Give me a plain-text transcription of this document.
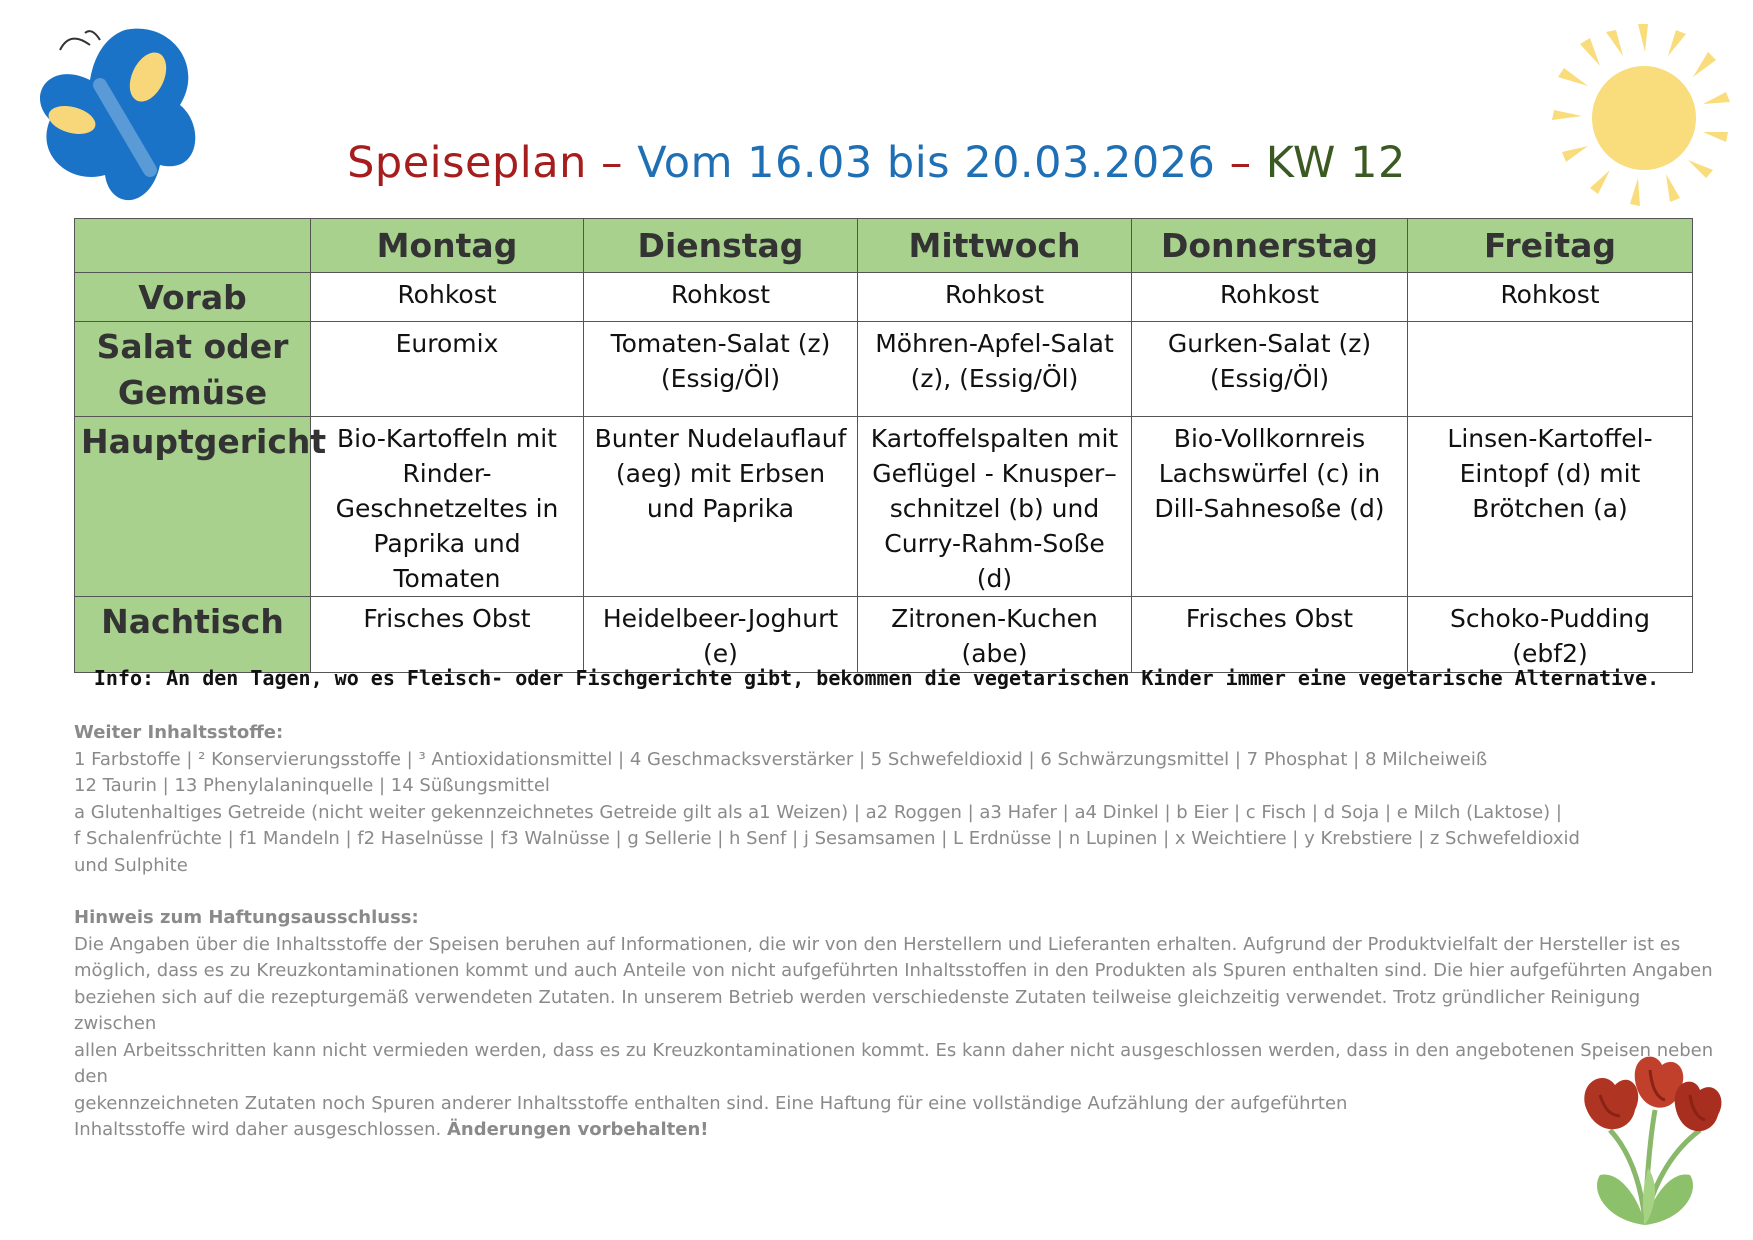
Speiseplan – Vom 16.03 bis 20.03.2026 – KW 12
	Montag	Dienstag	Mittwoch	Donnerstag	Freitag
Vorab	Rohkost	Rohkost	Rohkost	Rohkost	Rohkost
Salat oder Gemüse	Euromix	Tomaten-Salat (z) (Essig/Öl)	Möhren-Apfel-Salat (z), (Essig/Öl)	Gurken-Salat (z) (Essig/Öl)	
Hauptgericht	Bio-Kartoffeln mit Rinder-Geschnetzeltes in Paprika und Tomaten	Bunter Nudelauflauf (aeg) mit Erbsen und Paprika	Kartoffelspalten mit Geflügel - Knusper– schnitzel (b) und Curry-Rahm-Soße (d)	Bio-Vollkornreis Lachswürfel (c) in Dill-Sahnesoße (d)	Linsen-Kartoffel-Eintopf (d) mit Brötchen (a)
Nachtisch	Frisches Obst	Heidelbeer-Joghurt (e)	Zitronen-Kuchen (abe)	Frisches Obst	Schoko-Pudding (ebf2)
Info: An den Tagen, wo es Fleisch- oder Fischgerichte gibt, bekommen die vegetarischen Kinder immer eine vegetarische Alternative.

Weiter Inhaltsstoffe:

1 Farbstoffe | ² Konservierungsstoffe | ³ Antioxidationsmittel | 4 Geschmacksverstärker | 5 Schwefeldioxid | 6 Schwärzungsmittel | 7 Phosphat | 8 Milcheiweiß

12 Taurin | 13 Phenylalaninquelle | 14 Süßungsmittel

a Glutenhaltiges Getreide (nicht weiter gekennzeichnetes Getreide gilt als a1 Weizen) | a2 Roggen | a3 Hafer | a4 Dinkel | b Eier | c Fisch | d Soja | e Milch (Laktose) |

f Schalenfrüchte | f1 Mandeln | f2 Haselnüsse | f3 Walnüsse | g Sellerie | h Senf | j Sesamsamen | L Erdnüsse | n Lupinen | x Weichtiere | y Krebstiere | z Schwefeldioxid

und Sulphite

Hinweis zum Haftungsausschluss:

Die Angaben über die Inhaltsstoffe der Speisen beruhen auf Informationen, die wir von den Herstellern und Lieferanten erhalten. Aufgrund der Produktvielfalt der Hersteller ist es

möglich, dass es zu Kreuzkontaminationen kommt und auch Anteile von nicht aufgeführten Inhaltsstoffen in den Produkten als Spuren enthalten sind. Die hier aufgeführten Angaben

beziehen sich auf die rezepturgemäß verwendeten Zutaten. In unserem Betrieb werden verschiedenste Zutaten teilweise gleichzeitig verwendet. Trotz gründlicher Reinigung zwischen

allen Arbeitsschritten kann nicht vermieden werden, dass es zu Kreuzkontaminationen kommt. Es kann daher nicht ausgeschlossen werden, dass in den angebotenen Speisen neben den

gekennzeichneten Zutaten noch Spuren anderer Inhaltsstoffe enthalten sind. Eine Haftung für eine vollständige Aufzählung der aufgeführten

Inhaltsstoffe wird daher ausgeschlossen. Änderungen vorbehalten!
